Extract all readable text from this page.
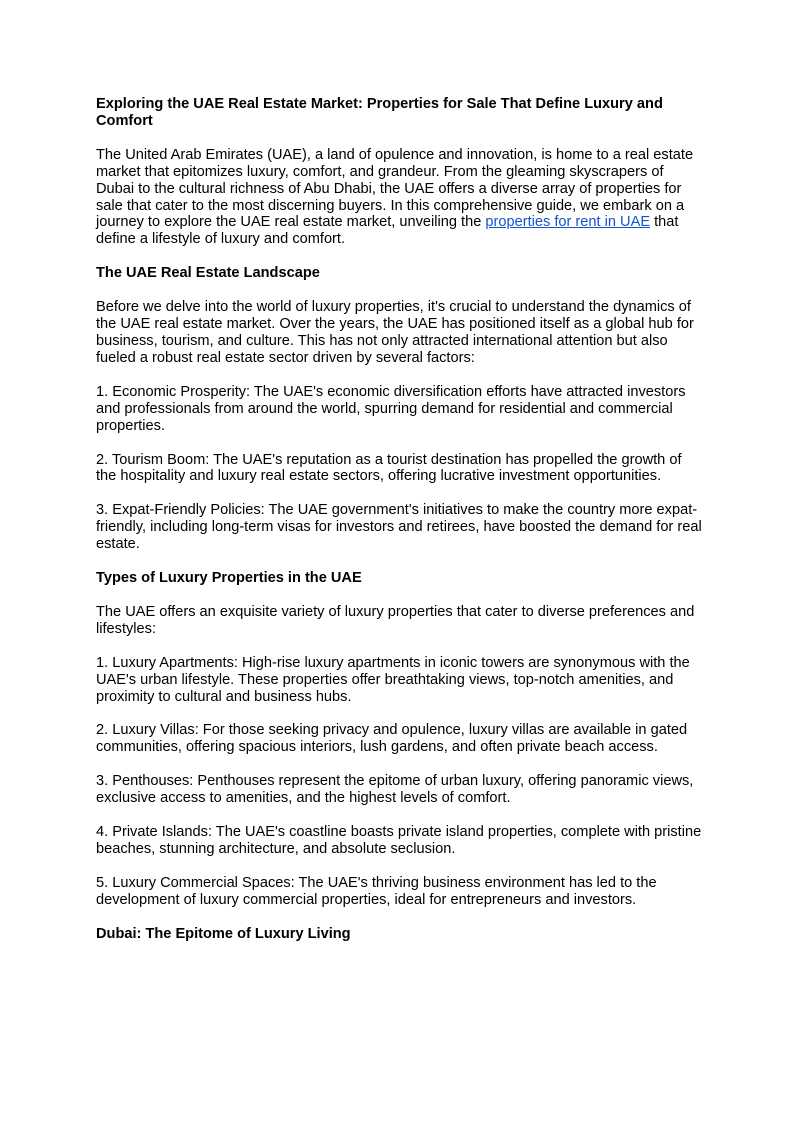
Exploring the UAE Real Estate Market: Properties for Sale That Define Luxury and Comfort

The United Arab Emirates (UAE), a land of opulence and innovation, is home to a real estate market that epitomizes luxury, comfort, and grandeur. From the gleaming skyscrapers of Dubai to the cultural richness of Abu Dhabi, the UAE offers a diverse array of properties for sale that cater to the most discerning buyers. In this comprehensive guide, we embark on a journey to explore the UAE real estate market, unveiling the properties for rent in UAE that define a lifestyle of luxury and comfort.

The UAE Real Estate Landscape

Before we delve into the world of luxury properties, it's crucial to understand the dynamics of the UAE real estate market. Over the years, the UAE has positioned itself as a global hub for business, tourism, and culture. This has not only attracted international attention but also fueled a robust real estate sector driven by several factors:

1. Economic Prosperity: The UAE's economic diversification efforts have attracted investors and professionals from around the world, spurring demand for residential and commercial properties.

2. Tourism Boom: The UAE's reputation as a tourist destination has propelled the growth of the hospitality and luxury real estate sectors, offering lucrative investment opportunities.

3. Expat-Friendly Policies: The UAE government's initiatives to make the country more expat-friendly, including long-term visas for investors and retirees, have boosted the demand for real estate.

Types of Luxury Properties in the UAE

The UAE offers an exquisite variety of luxury properties that cater to diverse preferences and lifestyles:

1. Luxury Apartments: High-rise luxury apartments in iconic towers are synonymous with the UAE's urban lifestyle. These properties offer breathtaking views, top-notch amenities, and proximity to cultural and business hubs.

2. Luxury Villas: For those seeking privacy and opulence, luxury villas are available in gated communities, offering spacious interiors, lush gardens, and often private beach access.

3. Penthouses: Penthouses represent the epitome of urban luxury, offering panoramic views, exclusive access to amenities, and the highest levels of comfort.

4. Private Islands: The UAE's coastline boasts private island properties, complete with pristine beaches, stunning architecture, and absolute seclusion.

5. Luxury Commercial Spaces: The UAE's thriving business environment has led to the development of luxury commercial properties, ideal for entrepreneurs and investors.

Dubai: The Epitome of Luxury Living
